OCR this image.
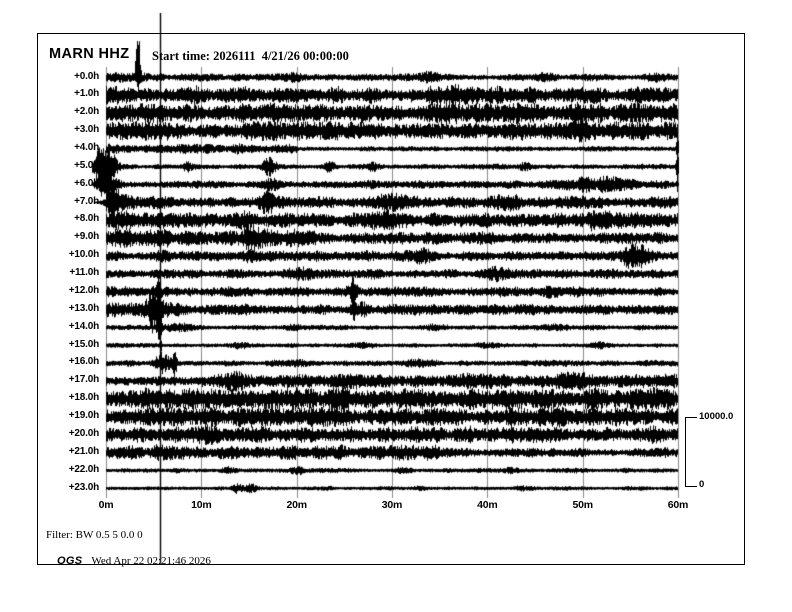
MARN HHZ Start time: 2026111  4/21/26 00:00:00
+0.0h
+1.0h
+2.0h
+3.0h
+4.0h
+5.0h
+6.0h
+7.0h
+8.0h
+9.0h
+10.0h
+11.0h
+12.0h
+13.0h
+14.0h
+15.0h
+16.0h
+17.0h
+18.0h
+19.0h
+20.0h
+21.0h
+22.0h
+23.0h
0m	10m	20m	30m	40m	50m	60m
10000.0
0
Filter: BW 0.5 5 0.0 0

OGS Wed Apr 22 02:21:46 2026
